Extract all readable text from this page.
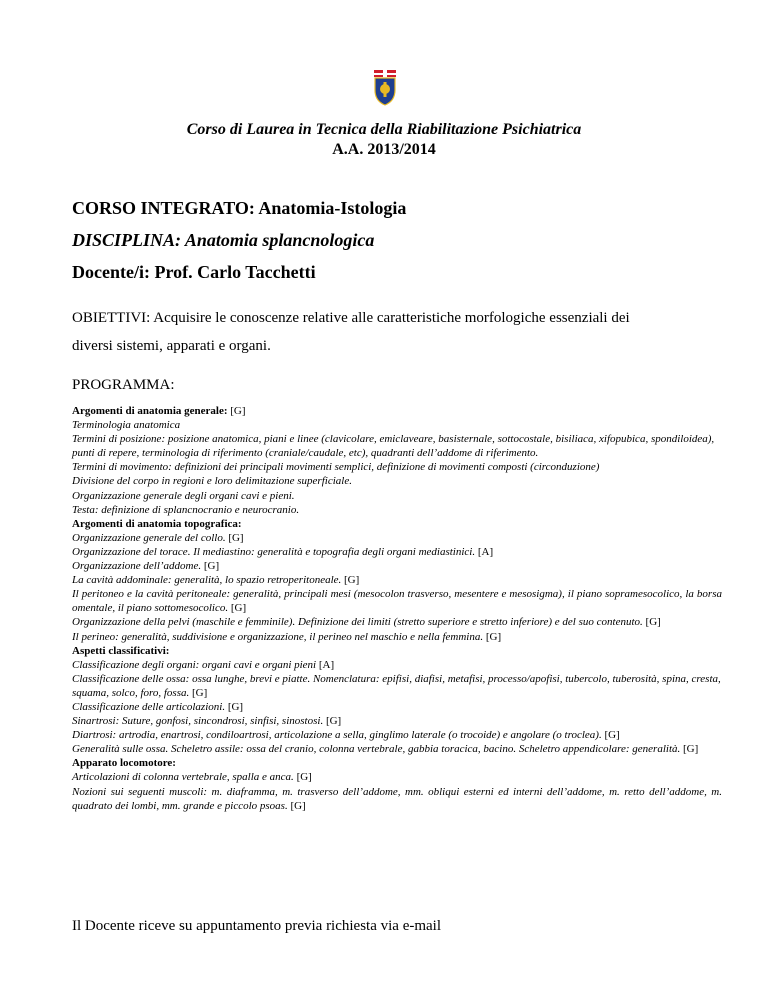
Corso di Laurea in Tecnica della Riabilitazione Psichiatrica
A.A. 2013/2014
CORSO INTEGRATO: Anatomia-Istologia
DISCIPLINA: Anatomia splancnologica
Docente/i: Prof. Carlo Tacchetti
OBIETTIVI: Acquisire le conoscenze relative alle caratteristiche morfologiche essenziali dei
diversi sistemi, apparati e organi.
PROGRAMMA:

Argomenti di anatomia generale: [G]

Terminologia anatomica

Termini di posizione: posizione anatomica, piani e linee (clavicolare, emiclaveare, basisternale, sottocostale, bisiliaca, xifopubica, spondiloidea), punti di repere, terminologia di riferimento (craniale/caudale, etc), quadranti dell’addome di riferimento.

Termini di movimento: definizioni dei principali movimenti semplici, definizione di movimenti composti (circonduzione)

Divisione del corpo in regioni e loro delimitazione superficiale.

Organizzazione generale degli organi cavi e pieni.

Testa: definizione di splancnocranio e neurocranio.

Argomenti di anatomia topografica:

Organizzazione generale del collo. [G]

Organizzazione del torace. Il mediastino: generalità e topografia degli organi mediastinici. [A]

Organizzazione dell’addome. [G]

La cavità addominale: generalità, lo spazio retroperitoneale. [G]

Il peritoneo e la cavità peritoneale: generalità, principali mesi (mesocolon trasverso, mesentere e mesosigma), il piano sopramesocolico, la borsa omentale, il piano sottomesocolico. [G]

Organizzazione della pelvi (maschile e femminile). Definizione dei limiti (stretto superiore e stretto inferiore) e del suo contenuto. [G]

Il perineo: generalità, suddivisione e organizzazione, il perineo nel maschio e nella femmina. [G]

Aspetti classificativi:

Classificazione degli organi: organi cavi e organi pieni [A]

Classificazione delle ossa: ossa lunghe, brevi e piatte. Nomenclatura: epifisi, diafisi, metafisi, processo/apofisi, tubercolo, tuberosità, spina, cresta, squama, solco, foro, fossa. [G]

Classificazione delle articolazioni. [G]

Sinartrosi: Suture, gonfosi, sincondrosi, sinfisi, sinostosi. [G]

Diartrosi: artrodia, enartrosi, condiloartrosi, articolazione a sella, ginglimo laterale (o trocoide) e angolare (o troclea). [G]

Generalità sulle ossa. Scheletro assile: ossa del cranio, colonna vertebrale, gabbia toracica, bacino. Scheletro appendicolare: generalità. [G]

Apparato locomotore:

Articolazioni di colonna vertebrale, spalla e anca. [G]

Nozioni sui seguenti muscoli: m. diaframma, m. trasverso dell’addome, mm. obliqui esterni ed interni dell’addome, m. retto dell’addome, m. quadrato dei lombi, mm. grande e piccolo psoas. [G]

Il Docente riceve su appuntamento previa richiesta via e-mail
